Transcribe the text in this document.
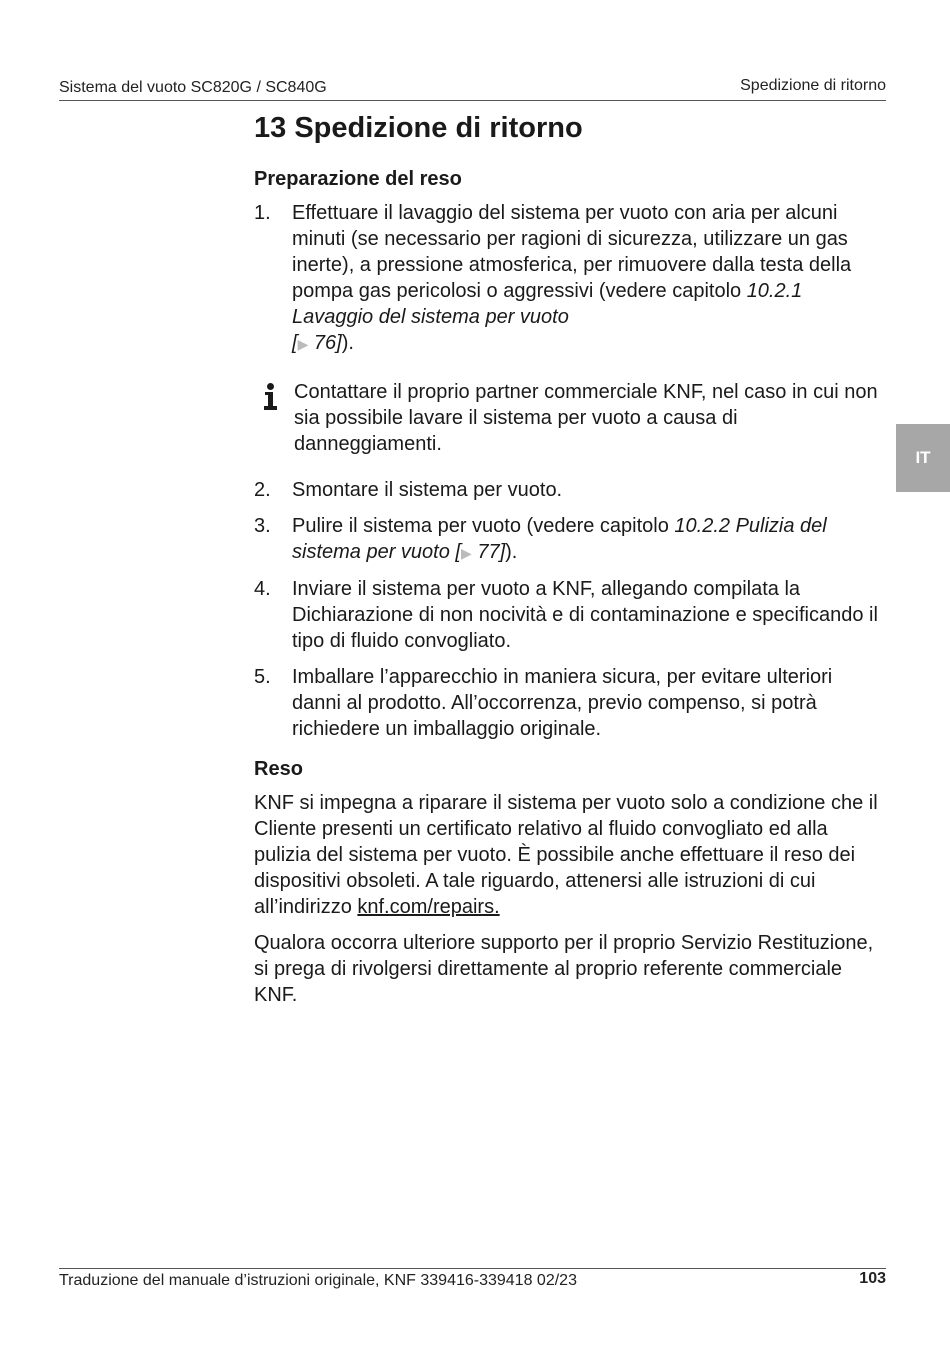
Sistema del vuoto SC820G / SC840G	Spedizione di ritorno
IT
13 Spedizione di ritorno
Preparazione del reso
1.	Effettuare il lavaggio del sistema per vuoto con aria per alcuni minuti (se necessario per ragioni di sicurezza, utilizzare un gas inerte), a pressione atmosferica, per rimuovere dalla testa della pompa gas pericolosi o aggressivi (vedere capitolo 10.2.1 Lavaggio del sistema per vuoto
[▶ 76]).
Contattare il proprio partner commerciale KNF, nel caso in cui non sia possibile lavare il sistema per vuoto a causa di danneggiamenti.
2.	Smontare il sistema per vuoto.
3.	Pulire il sistema per vuoto (vedere capitolo 10.2.2 Pulizia del sistema per vuoto [▶ 77]).
4.	Inviare il sistema per vuoto a KNF, allegando compilata la Dichiarazione di non nocività e di contaminazione e specificando il tipo di fluido convogliato.
5.	Imballare l’apparecchio in maniera sicura, per evitare ulteriori danni al prodotto. All’occorrenza, previo compenso, si potrà richiedere un imballaggio originale.
Reso

KNF si impegna a riparare il sistema per vuoto solo a condizione che il Cliente presenti un certificato relativo al fluido convogliato ed alla pulizia del sistema per vuoto. È possibile anche effettuare il reso dei dispositivi obsoleti. A tale riguardo, attenersi alle istruzioni di cui all’indirizzo knf.com/repairs.

Qualora occorra ulteriore supporto per il proprio Servizio Restituzione, si prega di rivolgersi direttamente al proprio referente commerciale KNF.

Traduzione del manuale d’istruzioni originale, KNF 339416-339418 02/23	103
